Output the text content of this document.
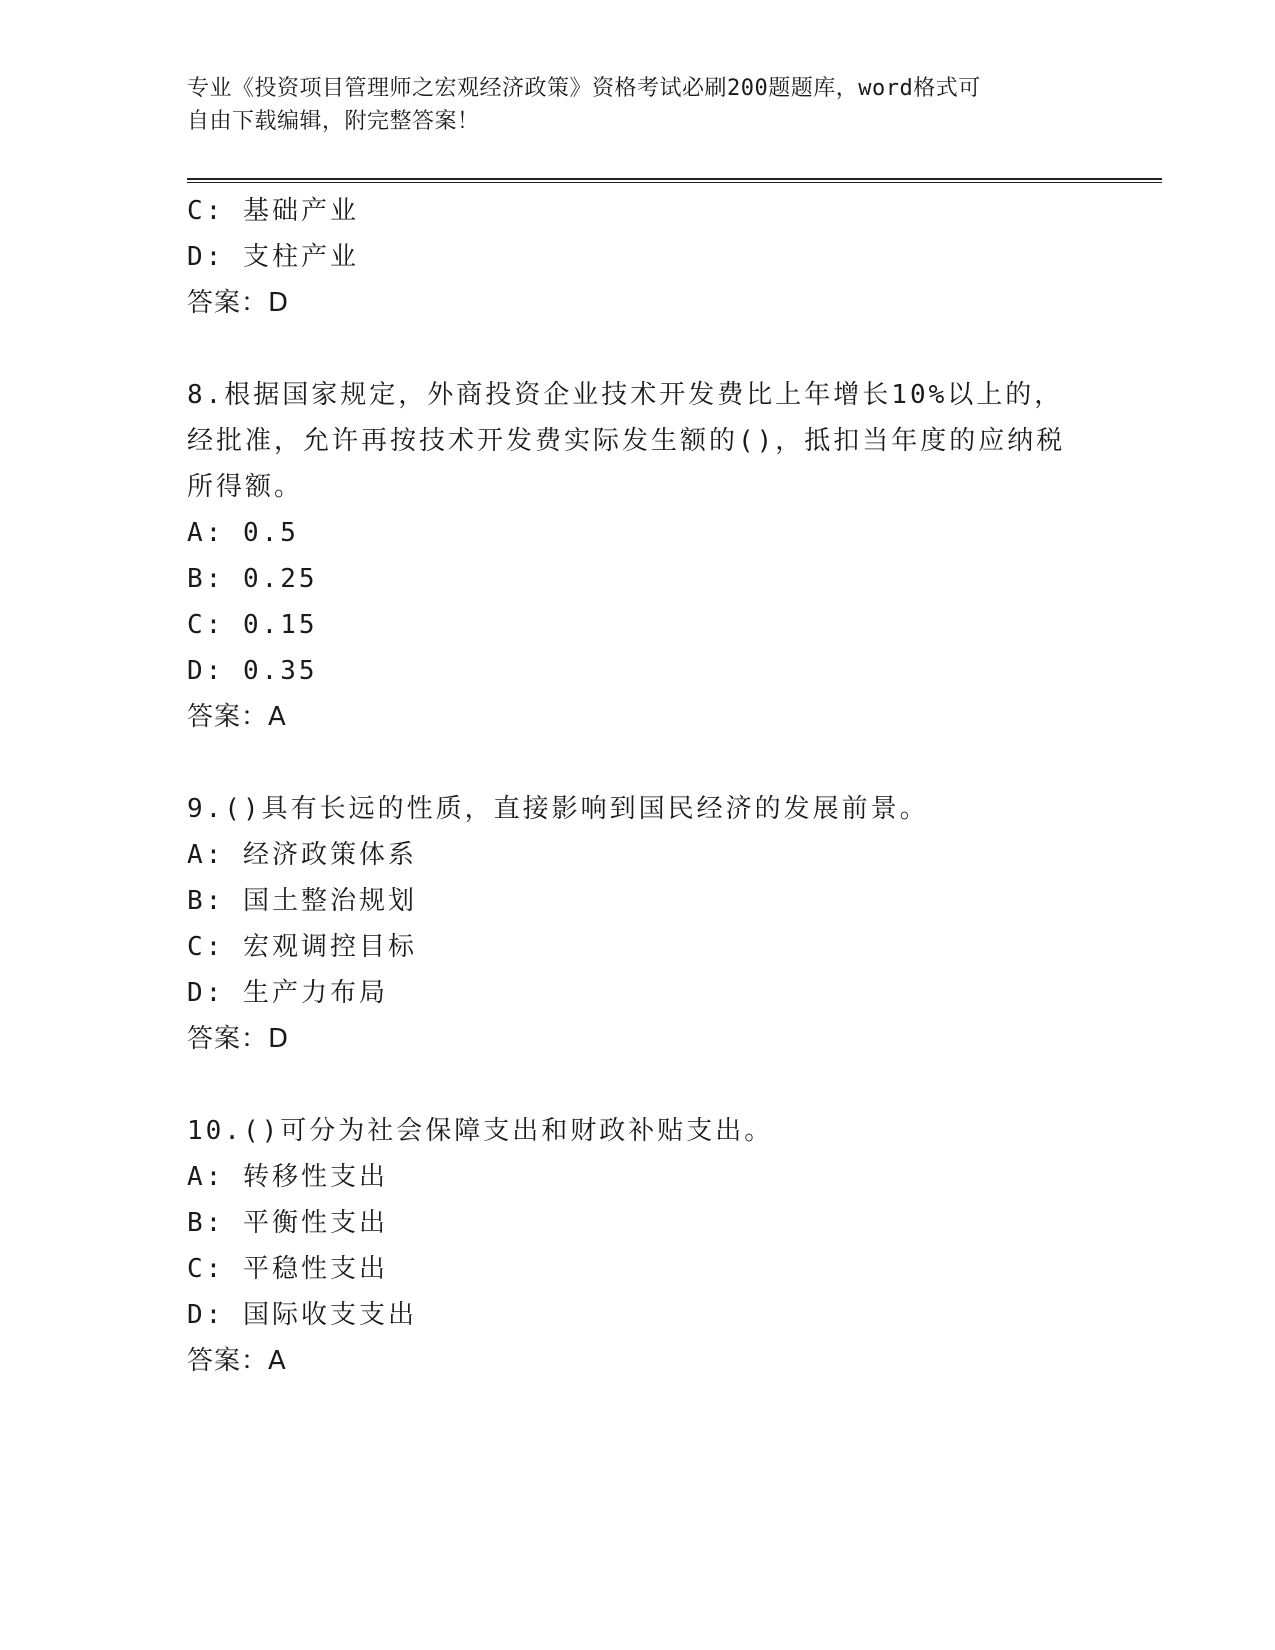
专业《投资项目管理师之宏观经济政策》资格考试必刷200题题库，word格式可
自由下载编辑，附完整答案！
C: 基础产业
D: 支柱产业
答案：D
8.根据国家规定，外商投资企业技术开发费比上年增长10%以上的，经批准，允许再按技术开发费实际发生额的()，抵扣当年度的应纳税所得额。
A: 0.5
B: 0.25
C: 0.15
D: 0.35
答案：A
9.()具有长远的性质，直接影响到国民经济的发展前景。
A: 经济政策体系
B: 国土整治规划
C: 宏观调控目标
D: 生产力布局
答案：D
10.()可分为社会保障支出和财政补贴支出。
A: 转移性支出
B: 平衡性支出
C: 平稳性支出
D: 国际收支支出
答案：A
